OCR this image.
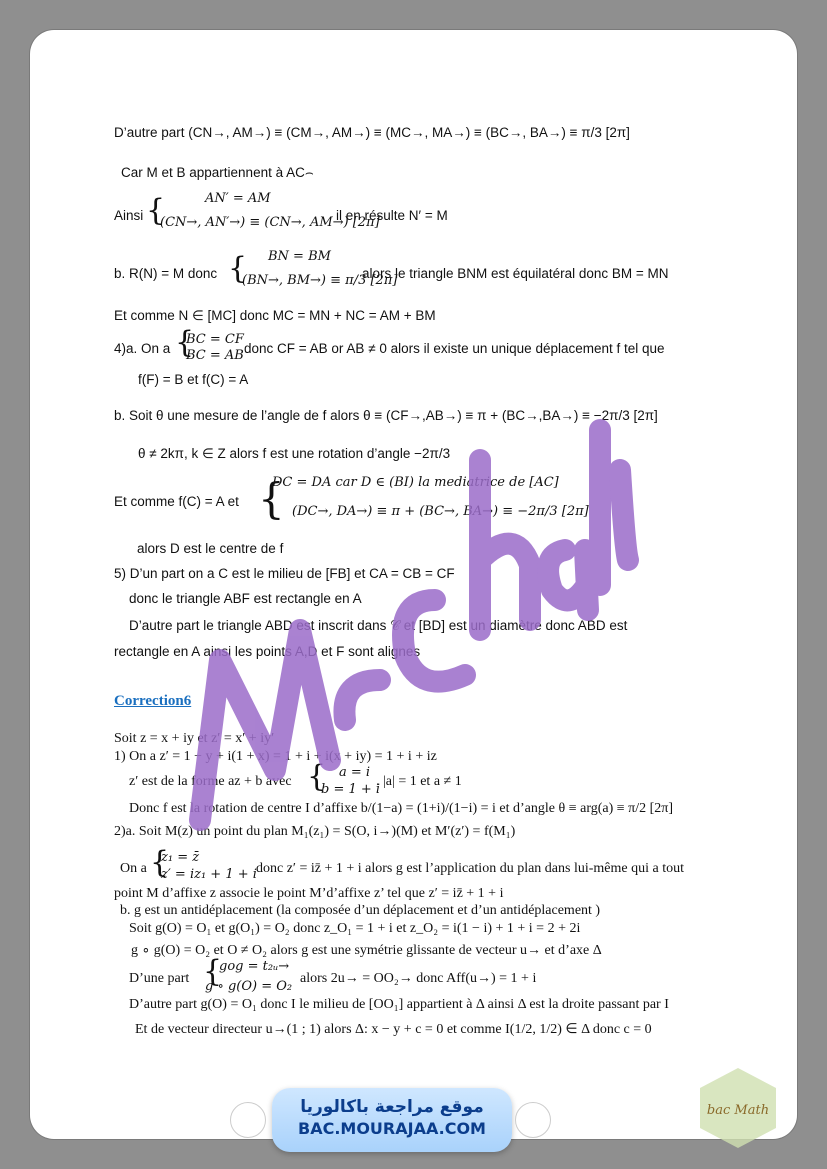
D’autre part (CN→, AM→) ≡ (CM→, AM→) ≡ (MC→, MA→) ≡ (BC→, BA→) ≡ π/3 [2π]
Car M et B appartiennent à AC⌢
Ainsi {	AN′ = AM
(CN→, AN′→) ≡ (CN→, AM→) [2π]
il en résulte N′ = M
b. R(N) = M donc { BN = BM
(BN→, BM→) ≡ π/3 [2π]
alors le triangle BNM est équilatéral donc BM = MN
Et comme N ∈ [MC] donc MC = MN + NC = AM + BM
4)a. On a {
BC = CF
BC = AB donc CF = AB or AB ≠ 0 alors il existe un unique déplacement f tel que
f(F) = B et f(C) = A
b. Soit θ une mesure de l’angle de f alors θ ≡ (CF→,AB→) ≡ π + (BC→,BA→) ≡ −2π/3 [2π]
θ ≠ 2kπ, k ∈ Z alors f est une rotation d’angle −2π/3
Et comme f(C) = A et {
DC = DA car D ∈ (BI) la mediatrice de [AC]
(DC→, DA→) ≡ π + (BC→, BA→) ≡ −2π/3 [2π]
alors D est le centre de f
5) D’un part on a C est le milieu de [FB] et CA = CB = CF
donc le triangle ABF est rectangle en A
D’autre part le triangle ABD est inscrit dans 𝒞 et [BD] est un diamètre donc ABD est
rectangle en A ainsi les points A,D et F sont alignes
Correction6
Soit z = x + iy et z′ = x′ + iy′
1) On a z′ = 1 − y + i(1 + x) = 1 + i + i(x + iy) = 1 + i + iz
z′ est de la forme az + b avec { a = i
b = 1 + i
. |a| = 1 et a ≠ 1
Donc f est la rotation de centre I d’affixe b/(1−a) = (1+i)/(1−i) = i et d’angle θ ≡ arg(a) ≡ π/2 [2π]
2)a. Soit M(z) un point du plan M₁(z₁) = S(O, i→)(M) et M′(z′) = f(M₁)
On a {
z₁ = z̄
z′ = iz₁ + 1 + i donc z′ = iz̄ + 1 + i alors g est l’application du plan dans lui-même qui a tout
point M d’affixe z associe le point M’d’affixe z’ tel que z′ = iz̄ + 1 + i
b. g est un antidéplacement (la composée d’un déplacement et d’un antidéplacement )
Soit g(O) = O₁ et g(O₁) = O₂ donc z_O₁ = 1 + i et z_O₂ = i(1 − i) + 1 + i = 2 + 2i
g ∘ g(O) = O₂ et O ≠ O₂ alors g est une symétrie glissante de vecteur u→ et d’axe Δ
D’une part {
gog = t₂ᵤ→
g ∘ g(O) = O₂
alors 2u→ = OO₂→ donc Aff(u→) = 1 + i
D’autre part g(O) = O₁ donc I le milieu de [OO₁] appartient à Δ ainsi Δ est la droite passant par I
Et de vecteur directeur u→(1 ; 1) alors Δ: x − y + c = 0 et comme I(1/2, 1/2) ∈ Δ donc c = 0
موقع مراجعة باكالوريا
BAC.MOURAJAA.COM
bac Math
